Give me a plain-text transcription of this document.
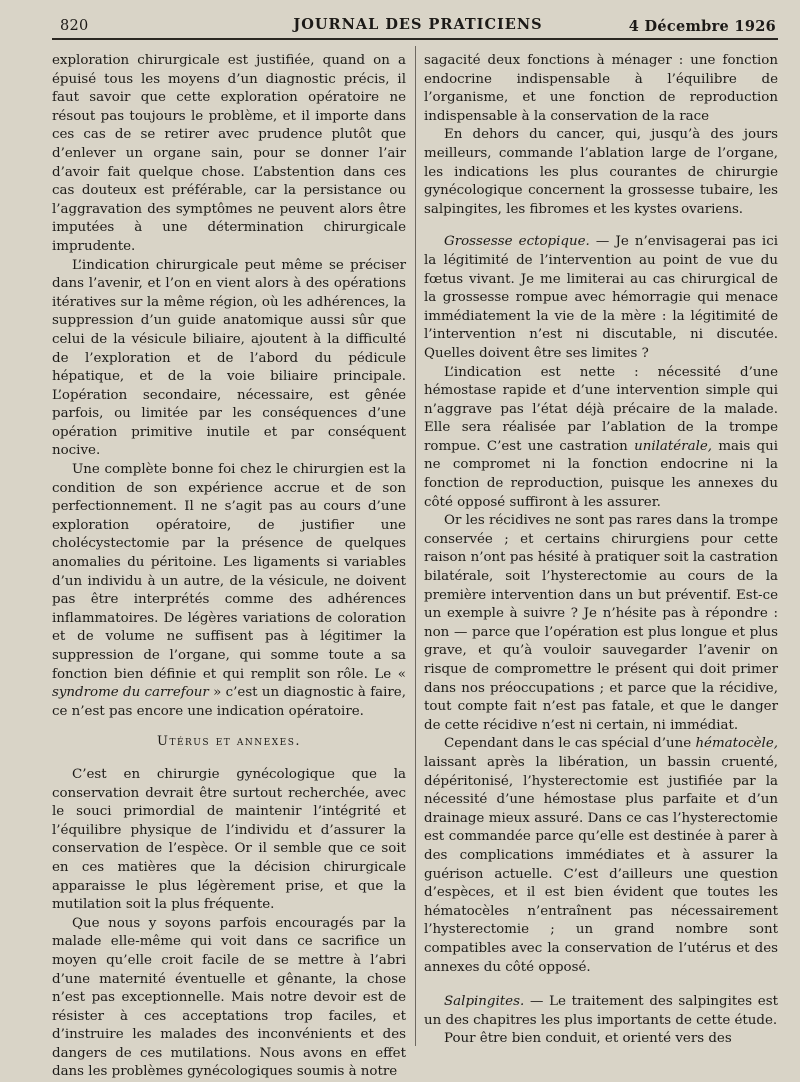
820	JOURNAL DES PRATICIENS	4 Décembre 1926

exploration chirurgicale est justifiée, quand on a épuisé tous les moyens d’un diagnostic précis, il faut savoir que cette exploration opératoire ne résout pas toujours le problème, et il importe dans ces cas de se retirer avec prudence plutôt que d’enlever un organe sain, pour se donner l’air d’avoir fait quelque chose. L’abstention dans ces cas douteux est préférable, car la persistance ou l’aggravation des symptômes ne peuvent alors être imputées à une détermination chirurgicale imprudente.

L’indication chirurgicale peut même se préciser dans l’avenir, et l’on en vient alors à des opérations itératives sur la même région, où les adhérences, la suppression d’un guide anatomique aussi sûr que celui de la vésicule biliaire, ajoutent à la difficulté de l’exploration et de l’abord du pédicule hépatique, et de la voie biliaire principale. L’opération secondaire, nécessaire, est gênée parfois, ou limitée par les conséquences d’une opération primitive inutile et par conséquent nocive.

Une complète bonne foi chez le chirurgien est la condition de son expérience accrue et de son perfectionnement. Il ne s’agit pas au cours d’une exploration opératoire, de justifier une cholécystectomie par la présence de quelques anomalies du péritoine. Les ligaments si variables d’un individu à un autre, de la vésicule, ne doivent pas être interprétés comme des adhérences inflammatoires. De légères variations de coloration et de volume ne suffisent pas à légitimer la suppression de l’organe, qui somme toute a sa fonction bien définie et qui remplit son rôle. Le « syndrome du carrefour » c’est un diagnostic à faire, ce n’est pas encore une indication opératoire.

Utérus et annexes.

C’est en chirurgie gynécologique que la conservation devrait être surtout recherchée, avec le souci primordial de maintenir l’intégrité et l’équilibre physique de l’individu et d’assurer la conservation de l’espèce. Or il semble que ce soit en ces matières que la décision chirurgicale apparaisse le plus légèrement prise, et que la mutilation soit la plus fréquente.

Que nous y soyons parfois encouragés par la malade elle-même qui voit dans ce sacrifice un moyen qu’elle croit facile de se mettre à l’abri d’une maternité éventuelle et gênante, la chose n’est pas exceptionnelle. Mais notre devoir est de résister à ces acceptations trop faciles, et d’instruire les malades des inconvénients et des dangers de ces mutilations. Nous avons en effet dans les problèmes gynécologiques soumis à notre

sagacité deux fonctions à ménager : une fonction endocrine indispensable à l’équilibre de l’organisme, et une fonction de reproduction indispensable à la conservation de la race

En dehors du cancer, qui, jusqu’à des jours meilleurs, commande l’ablation large de l’organe, les indications les plus courantes de chirurgie gynécologique concernent la grossesse tubaire, les salpingites, les fibromes et les kystes ovariens.

Grossesse ectopique. — Je n’envisagerai pas ici la légitimité de l’intervention au point de vue du fœtus vivant. Je me limiterai au cas chirurgical de la grossesse rompue avec hémorragie qui menace immédiatement la vie de la mère : la légitimité de l’intervention n’est ni discutable, ni discutée. Quelles doivent être ses limites ?

L’indication est nette : nécessité d’une hémostase rapide et d’une intervention simple qui n’aggrave pas l’état déjà précaire de la malade. Elle sera réalisée par l’ablation de la trompe rompue. C’est une castration unilatérale, mais qui ne compromet ni la fonction endocrine ni la fonction de reproduction, puisque les annexes du côté opposé suffiront à les assurer.

Or les récidives ne sont pas rares dans la trompe conservée ; et certains chirurgiens pour cette raison n’ont pas hésité à pratiquer soit la castration bilatérale, soit l’hysterectomie au cours de la première intervention dans un but préventif. Est-ce un exemple à suivre ? Je n’hésite pas à répondre : non — parce que l’opération est plus longue et plus grave, et qu’à vouloir sauvegarder l’avenir on risque de compromettre le présent qui doit primer dans nos préoccupations ; et parce que la récidive, tout compte fait n’est pas fatale, et que le danger de cette récidive n’est ni certain, ni immédiat.

Cependant dans le cas spécial d’une hématocèle, laissant après la libération, un bassin cruenté, dépéritonisé, l’hysterectomie est justifiée par la nécessité d’une hémostase plus parfaite et d’un drainage mieux assuré. Dans ce cas l’hysterectomie est commandée parce qu’elle est destinée à parer à des complications immédiates et à assurer la guérison actuelle. C’est d’ailleurs une question d’espèces, et il est bien évident que toutes les hématocèles n’entraînent pas nécessairement l’hysterectomie ; un grand nombre sont compatibles avec la conservation de l’utérus et des annexes du côté opposé.

Salpingites. — Le traitement des salpingites est un des chapitres les plus importants de cette étude.

Pour être bien conduit, et orienté vers des
